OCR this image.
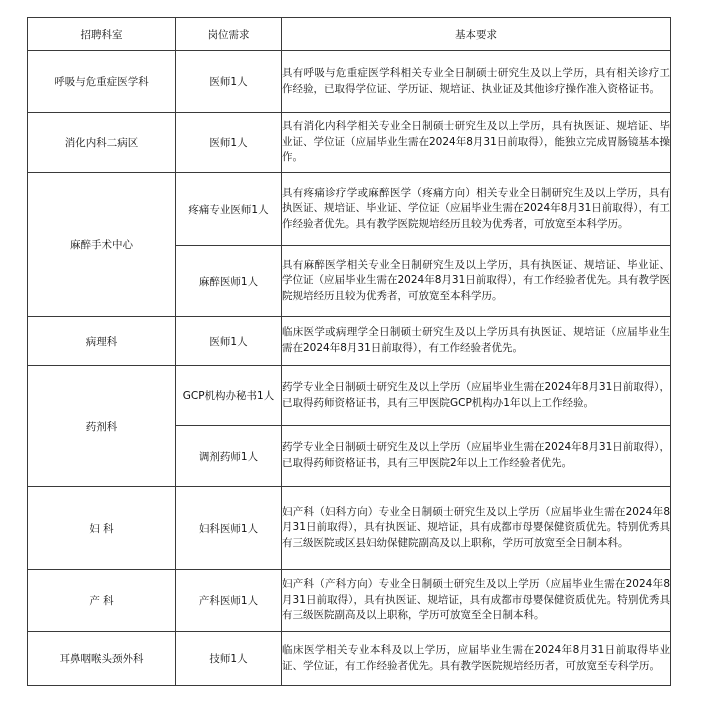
招聘科室	岗位需求	基本要求
呼吸与危重症医学科	医师1人	具有呼吸与危重症医学科相关专业全日制硕士研究生及以上学历，具有相关诊疗工作经验，已取得学位证、学历证、规培证、执业证及其他诊疗操作准入资格证书。
消化内科二病区	医师1人	具有消化内科学相关专业全日制硕士研究生及以上学历，具有执医证、规培证、毕业证、学位证（应届毕业生需在2024年8月31日前取得），能独立完成胃肠镜基本操作。
麻醉手术中心	疼痛专业医师1人	具有疼痛诊疗学或麻醉医学（疼痛方向）相关专业全日制研究生及以上学历，具有执医证、规培证、毕业证、学位证（应届毕业生需在2024年8月31日前取得），有工作经验者优先。具有教学医院规培经历且较为优秀者，可放宽至本科学历。
	麻醉医师1人	具有麻醉医学相关专业全日制研究生及以上学历，具有执医证、规培证、毕业证、学位证（应届毕业生需在2024年8月31日前取得），有工作经验者优先。具有教学医院规培经历且较为优秀者，可放宽至本科学历。
病理科	医师1人	临床医学或病理学全日制硕士研究生及以上学历具有执医证、规培证（应届毕业生需在2024年8月31日前取得），有工作经验者优先。
药剂科	GCP机构办秘书1人	药学专业全日制硕士研究生及以上学历（应届毕业生需在2024年8月31日前取得），已取得药师资格证书，具有三甲医院GCP机构办1年以上工作经验。
	调剂药师1人	药学专业全日制硕士研究生及以上学历（应届毕业生需在2024年8月31日前取得），已取得药师资格证书，具有三甲医院2年以上工作经验者优先。
妇 科	妇科医师1人	妇产科（妇科方向）专业全日制硕士研究生及以上学历（应届毕业生需在2024年8月31日前取得），具有执医证、规培证，具有成都市母婴保健资质优先。特别优秀具有三级医院或区县妇幼保健院副高及以上职称，学历可放宽至全日制本科。
产 科	产科医师1人	妇产科（产科方向）专业全日制硕士研究生及以上学历（应届毕业生需在2024年8月31日前取得），具有执医证、规培证，具有成都市母婴保健资质优先。特别优秀具有三级医院副高及以上职称，学历可放宽至全日制本科。
耳鼻咽喉头颈外科	技师1人	临床医学相关专业本科及以上学历，应届毕业生需在2024年8月31日前取得毕业证、学位证，有工作经验者优先。具有教学医院规培经历者，可放宽至专科学历。
